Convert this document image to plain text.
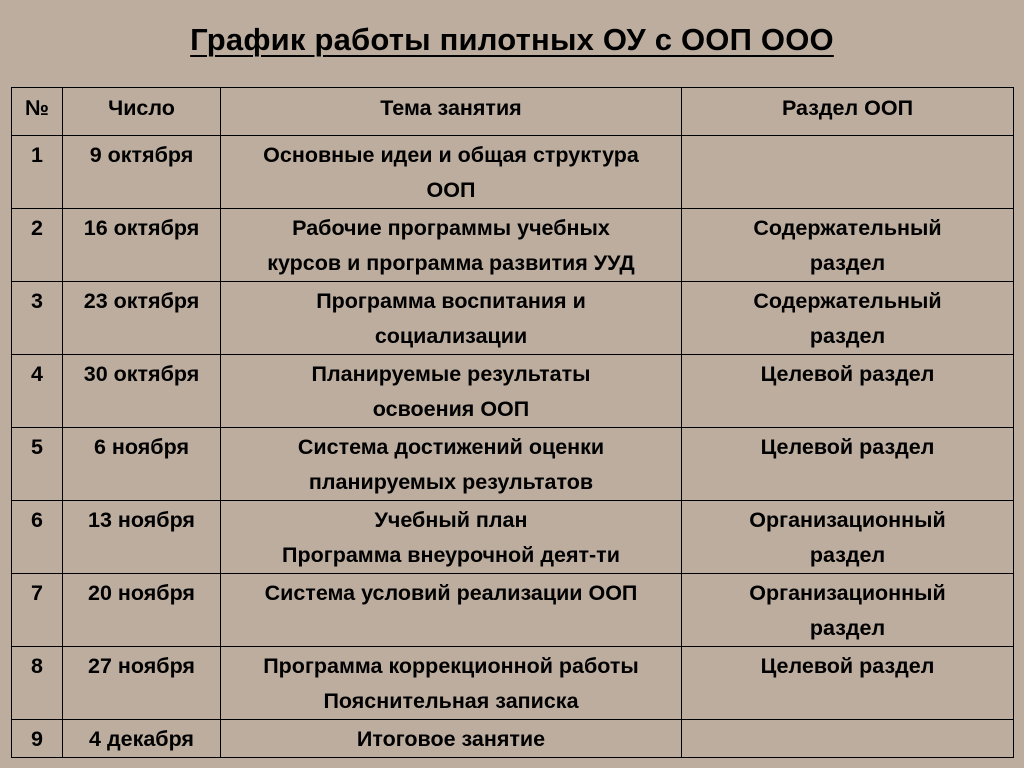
График работы пилотных ОУ с ООП ООО
№	Число	Тема занятия	Раздел ООП
1	9 октября	Основные идеи и общая структура
ООП	

2	16 октября	Рабочие программы учебных
курсов и программа развития УУД	Содержательный
раздел

3	23 октября	Программа воспитания и
социализации	Содержательный
раздел

4	30 октября	Планируемые результаты
освоения ООП	Целевой раздел

5	6 ноября	Система достижений оценки
планируемых результатов	Целевой раздел

6	13 ноября	Учебный план
Программа внеурочной деят-ти	Организационный
раздел

7	20 ноября	Система условий реализации ООП	Организационный
раздел

8	27 ноября	Программа коррекционной работы
Пояснительная записка	Целевой раздел

9	4 декабря	Итоговое занятие	
